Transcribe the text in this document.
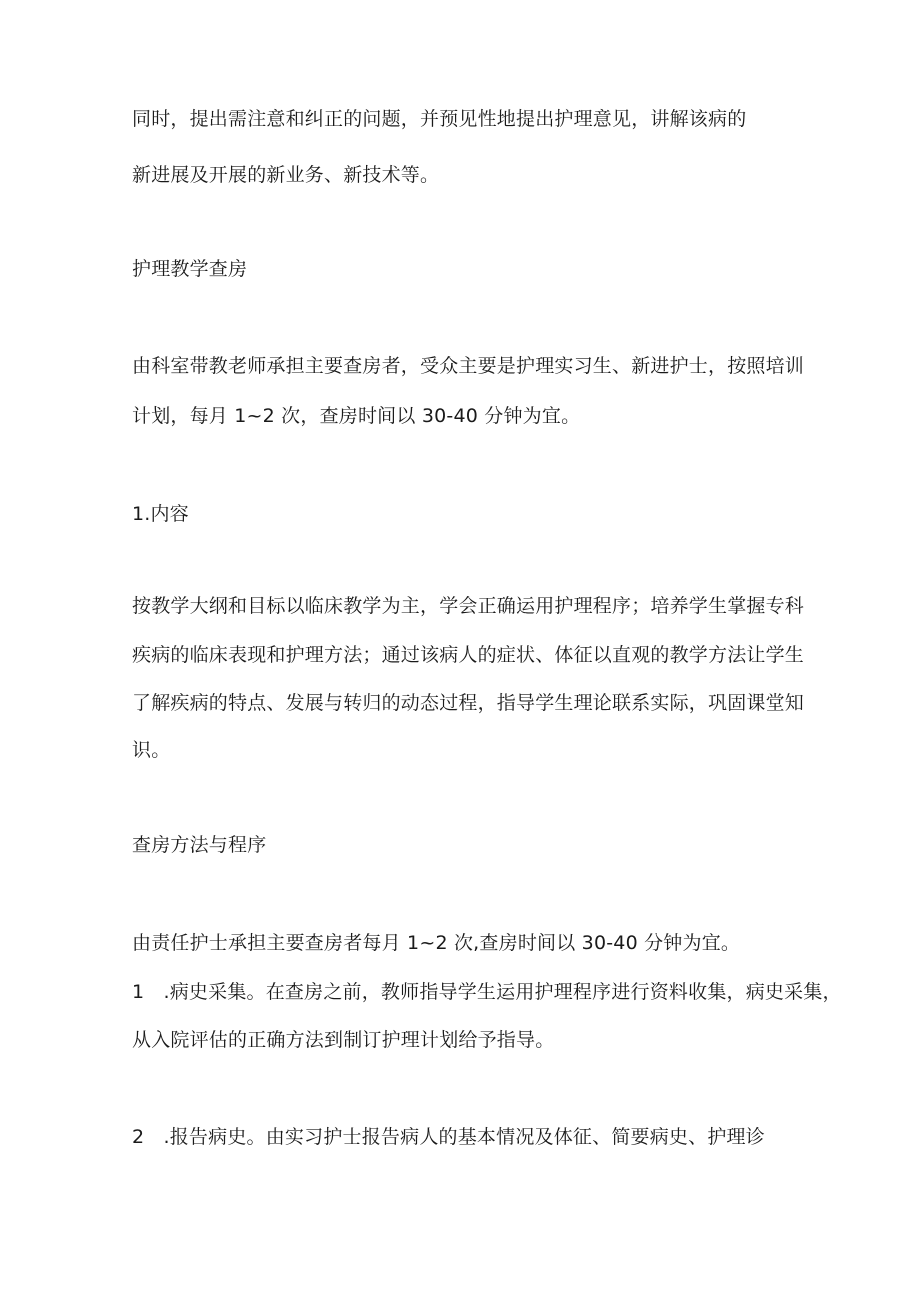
同时，提出需注意和纠正的问题，并预见性地提出护理意见，讲解该病的
新进展及开展的新业务、新技术等。
护理教学查房
由科室带教老师承担主要查房者，受众主要是护理实习生、新进护士，按照培训
计划，每月 1~2 次，查房时间以 30-40 分钟为宜。
1.内容
按教学大纲和目标以临床教学为主，学会正确运用护理程序；培养学生掌握专科
疾病的临床表现和护理方法；通过该病人的症状、体征以直观的教学方法让学生
了解疾病的特点、发展与转归的动态过程，指导学生理论联系实际，巩固课堂知
识。
查房方法与程序
由责任护士承担主要查房者每月 1~2 次,查房时间以 30-40 分钟为宜。
1　.病史采集。在查房之前，教师指导学生运用护理程序进行资料收集，病史采集，
从入院评估的正确方法到制订护理计划给予指导。
2　.报告病史。由实习护士报告病人的基本情况及体征、简要病史、护理诊
